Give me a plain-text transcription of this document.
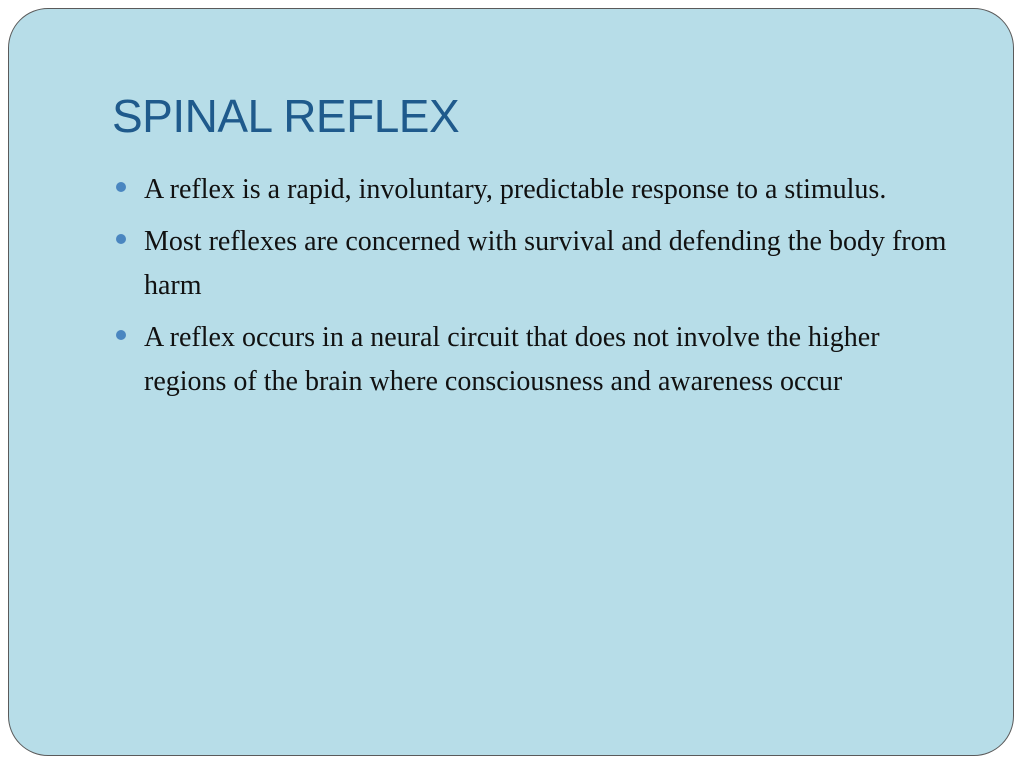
SPINAL REFLEX
A reflex is a rapid, involuntary, predictable response to a stimulus.
Most reflexes are concerned with survival and defending the body from harm
A reflex occurs in a neural circuit that does not involve the higher regions of the brain where consciousness and awareness occur
